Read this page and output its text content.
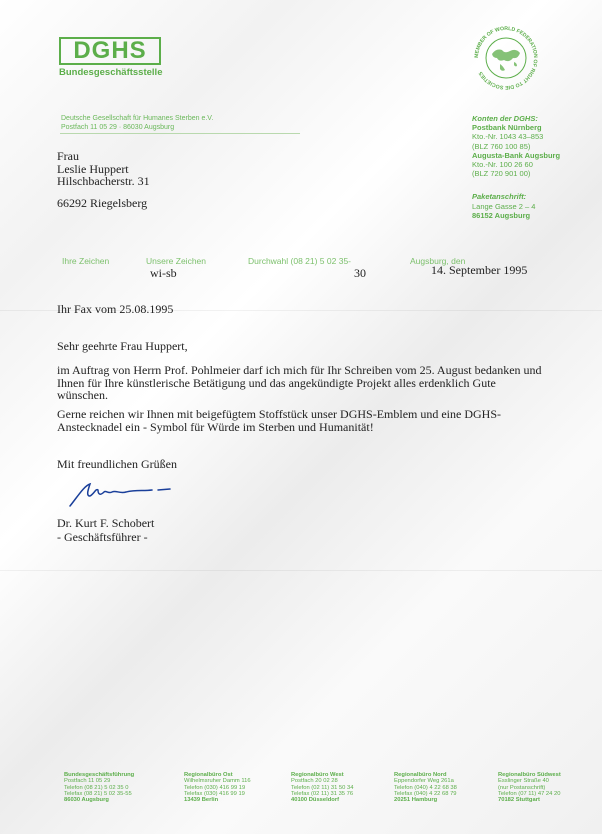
DGHS
Bundesgeschäftsstelle
MEMBER OF WORLD FEDERATION OF RIGHT TO DIE SOCIETIES
Deutsche Gesellschaft für Humanes Sterben e.V.
Postfach 11 05 29 · 86030 Augsburg
Frau
Leslie Huppert
Hilschbacherstr. 31
66292 Riegelsberg
Konten der DGHS:
Postbank Nürnberg
Kto.-Nr. 1043 43–853
(BLZ 760 100 85)
Augusta-Bank Augsburg
Kto.-Nr. 100 26 60
(BLZ 720 901 00)
Paketanschrift:
Lange Gasse 2 – 4
86152 Augsburg
Ihre Zeichen	Unsere Zeichen
wi-sb
Durchwahl (08 21) 5 02 35-
30
Augsburg, den
14. September 1995
Ihr Fax vom 25.08.1995
Sehr geehrte Frau Huppert,
im Auftrag von Herrn Prof. Pohlmeier darf ich mich für Ihr Schreiben vom 25. August bedanken und Ihnen für Ihre künstlerische Betätigung und das angekündigte Projekt alles erdenklich Gute wünschen.
Gerne reichen wir Ihnen mit beigefügtem Stoffstück unser DGHS-Emblem und eine DGHS-Anstecknadel ein - Symbol für Würde im Sterben und Humanität!
Mit freundlichen Grüßen
Dr. Kurt F. Schobert
- Geschäftsführer -
Bundesgeschäftsführung
Postfach 11 05 29
Telefon (08 21) 5 02 35 0
Telefax (08 21) 5 02 35-55
86030 Augsburg
Regionalbüro Ost
Wilhelmsruher Damm 116
Telefon (030) 416 99 19
Telefax (030) 416 99 19
13439 Berlin
Regionalbüro West
Postfach 20 02 28
Telefon (02 11) 31 50 34
Telefax (02 11) 31 35 76
40100 Düsseldorf
Regionalbüro Nord
Eppendorfer Weg 261a
Telefon (040) 4 22 68 38
Telefax (040) 4 22 68 79
20251 Hamburg
Regionalbüro Südwest
Esslinger Straße 40
(nur Postanschrift)
Telefon (07 11) 47 24 20
70182 Stuttgart
